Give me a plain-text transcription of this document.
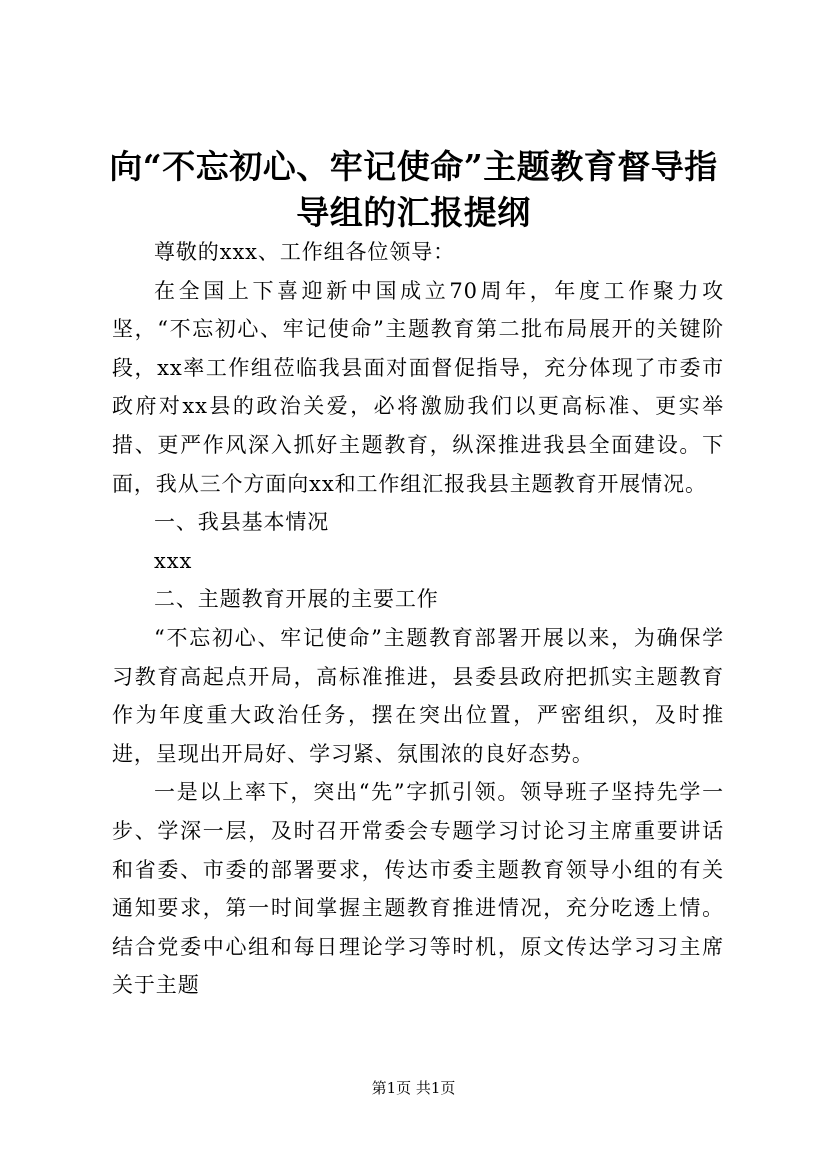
向“不忘初心、牢记使命”主题教育督导指导组的汇报提纲

尊敬的xxx、工作组各位领导：

在全国上下喜迎新中国成立70周年，年度工作聚力攻坚，“不忘初心、牢记使命”主题教育第二批布局展开的关键阶段，xx率工作组莅临我县面对面督促指导，充分体现了市委市政府对xx县的政治关爱，必将激励我们以更高标准、更实举措、更严作风深入抓好主题教育，纵深推进我县全面建设。下面，我从三个方面向xx和工作组汇报我县主题教育开展情况。

一、我县基本情况

xxx

二、主题教育开展的主要工作

“不忘初心、牢记使命”主题教育部署开展以来，为确保学习教育高起点开局，高标准推进，县委县政府把抓实主题教育作为年度重大政治任务，摆在突出位置，严密组织，及时推进，呈现出开局好、学习紧、氛围浓的良好态势。

一是以上率下，突出“先”字抓引领。领导班子坚持先学一步、学深一层，及时召开常委会专题学习讨论习主席重要讲话和省委、市委的部署要求，传达市委主题教育领导小组的有关通知要求，第一时间掌握主题教育推进情况，充分吃透上情。结合党委中心组和每日理论学习等时机，原文传达学习习主席关于主题

第1页 共1页
